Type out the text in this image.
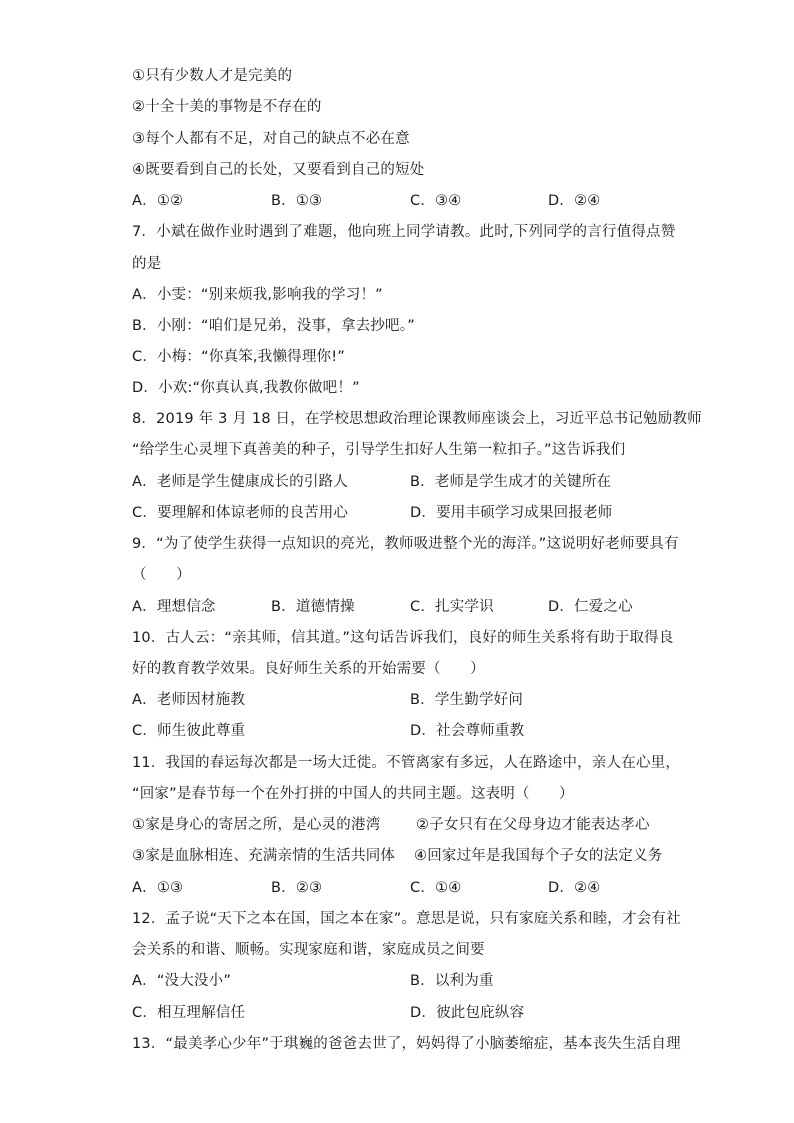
①只有少数人才是完美的
②十全十美的事物是不存在的
③每个人都有不足，对自己的缺点不必在意
④既要看到自己的长处，又要看到自己的短处
A．①②	B．①③	C．③④	D．②④
7．小斌在做作业时遇到了难题，他向班上同学请教。此时,下列同学的言行值得点赞
的是
A．小雯：“别来烦我,影响我的学习！”
B．小刚：“咱们是兄弟，没事，拿去抄吧。”
C．小梅：“你真笨,我懒得理你!”
D．小欢:“你真认真,我教你做吧！”
8．2019 年 3 月 18 日，在学校思想政治理论课教师座谈会上，习近平总书记勉励教师
“给学生心灵埋下真善美的种子，引导学生扣好人生第一粒扣子。”这告诉我们
A．老师是学生健康成长的引路人	B．老师是学生成才的关键所在
C．要理解和体谅老师的良苦用心	D．要用丰硕学习成果回报老师
9．“为了使学生获得一点知识的亮光，教师吸进整个光的海洋。”这说明好老师要具有
（　　）
A．理想信念	B．道德情操	C．扎实学识	D．仁爱之心
10．古人云：“亲其师，信其道。”这句话告诉我们，良好的师生关系将有助于取得良
好的教育教学效果。良好师生关系的开始需要（　　）
A．老师因材施教	B．学生勤学好问
C．师生彼此尊重	D．社会尊师重教
11．我国的春运每次都是一场大迁徙。不管离家有多远，人在路途中，亲人在心里，
“回家”是春节每一个在外打拼的中国人的共同主题。这表明（　　）
①家是身心的寄居之所，是心灵的港湾 ②子女只有在父母身边才能表达孝心
③家是血脉相连、充满亲情的生活共同体 ④回家过年是我国每个子女的法定义务
A．①③	B．②③	C．①④	D．②④
12．孟子说“天下之本在国，国之本在家”。意思是说，只有家庭关系和睦，才会有社
会关系的和谐、顺畅。实现家庭和谐，家庭成员之间要
A．“没大没小”	B．以利为重
C．相互理解信任	D．彼此包庇纵容
13．“最美孝心少年”于琪巍的爸爸去世了，妈妈得了小脑萎缩症，基本丧失生活自理
